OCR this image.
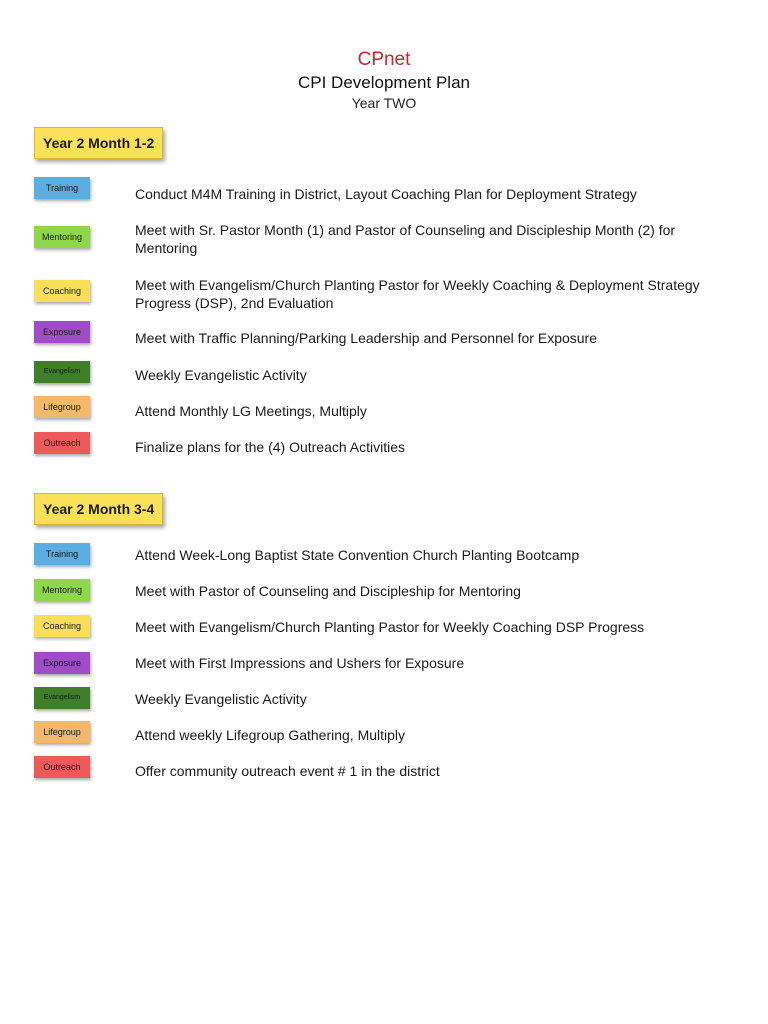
CPnet
CPI Development Plan
Year TWO
Year 2 Month 1-2
Training	Conduct M4M Training in District, Layout Coaching Plan for Deployment Strategy
Mentoring	Meet with Sr. Pastor Month (1) and Pastor of Counseling and Discipleship Month (2) for Mentoring
Coaching	Meet with Evangelism/Church Planting Pastor for Weekly Coaching & Deployment Strategy Progress (DSP), 2nd Evaluation
Exposure	Meet with Traffic Planning/Parking Leadership and Personnel for Exposure
Evangelism	Weekly Evangelistic Activity
Lifegroup	Attend Monthly LG Meetings, Multiply
Outreach	Finalize plans for the (4) Outreach Activities
Year 2 Month 3-4
Training	Attend Week-Long Baptist State Convention Church Planting Bootcamp
Mentoring	Meet with Pastor of Counseling and Discipleship for Mentoring
Coaching	Meet with Evangelism/Church Planting Pastor for Weekly Coaching DSP Progress
Exposure	Meet with First Impressions and Ushers for Exposure
Evangelism	Weekly Evangelistic Activity
Lifegroup	Attend weekly Lifegroup Gathering, Multiply
Outreach	Offer community outreach event # 1 in the district
